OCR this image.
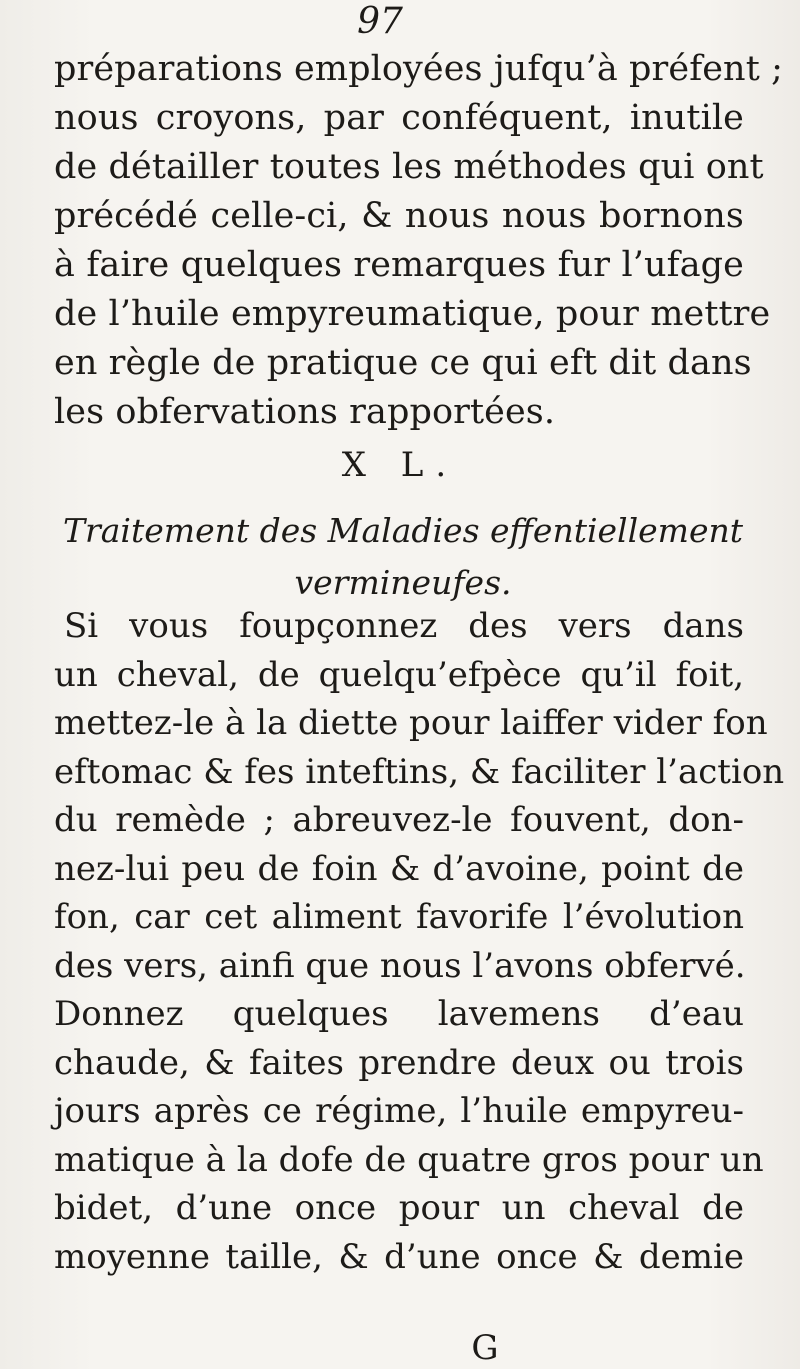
97
préparations employées jufqu’à préfent ;
nous croyons, par conféquent, inutile
de détailler toutes les méthodes qui ont
précédé celle-ci, & nous nous bornons
à faire quelques remarques fur l’ufage
de l’huile empyreumatique, pour mettre
en règle de pratique ce qui eft dit dans
les obfervations rapportées.
X L.
Traitement des Maladies effentiellement
vermineufes.
Si vous foupçonnez des vers dans
un cheval, de quelqu’efpèce qu’il foit,
mettez-le à la diette pour laiffer vider fon
eftomac & fes inteftins, & faciliter l’action
du remède ; abreuvez-le fouvent, don-
nez-lui peu de foin & d’avoine, point de
fon, car cet aliment favorife l’évolution
des vers, ainfi que nous l’avons obfervé.
Donnez quelques lavemens d’eau
chaude, & faites prendre deux ou trois
jours après ce régime, l’huile empyreu-
matique à la dofe de quatre gros pour un
bidet, d’une once pour un cheval de
moyenne taille, & d’une once & demie
G
